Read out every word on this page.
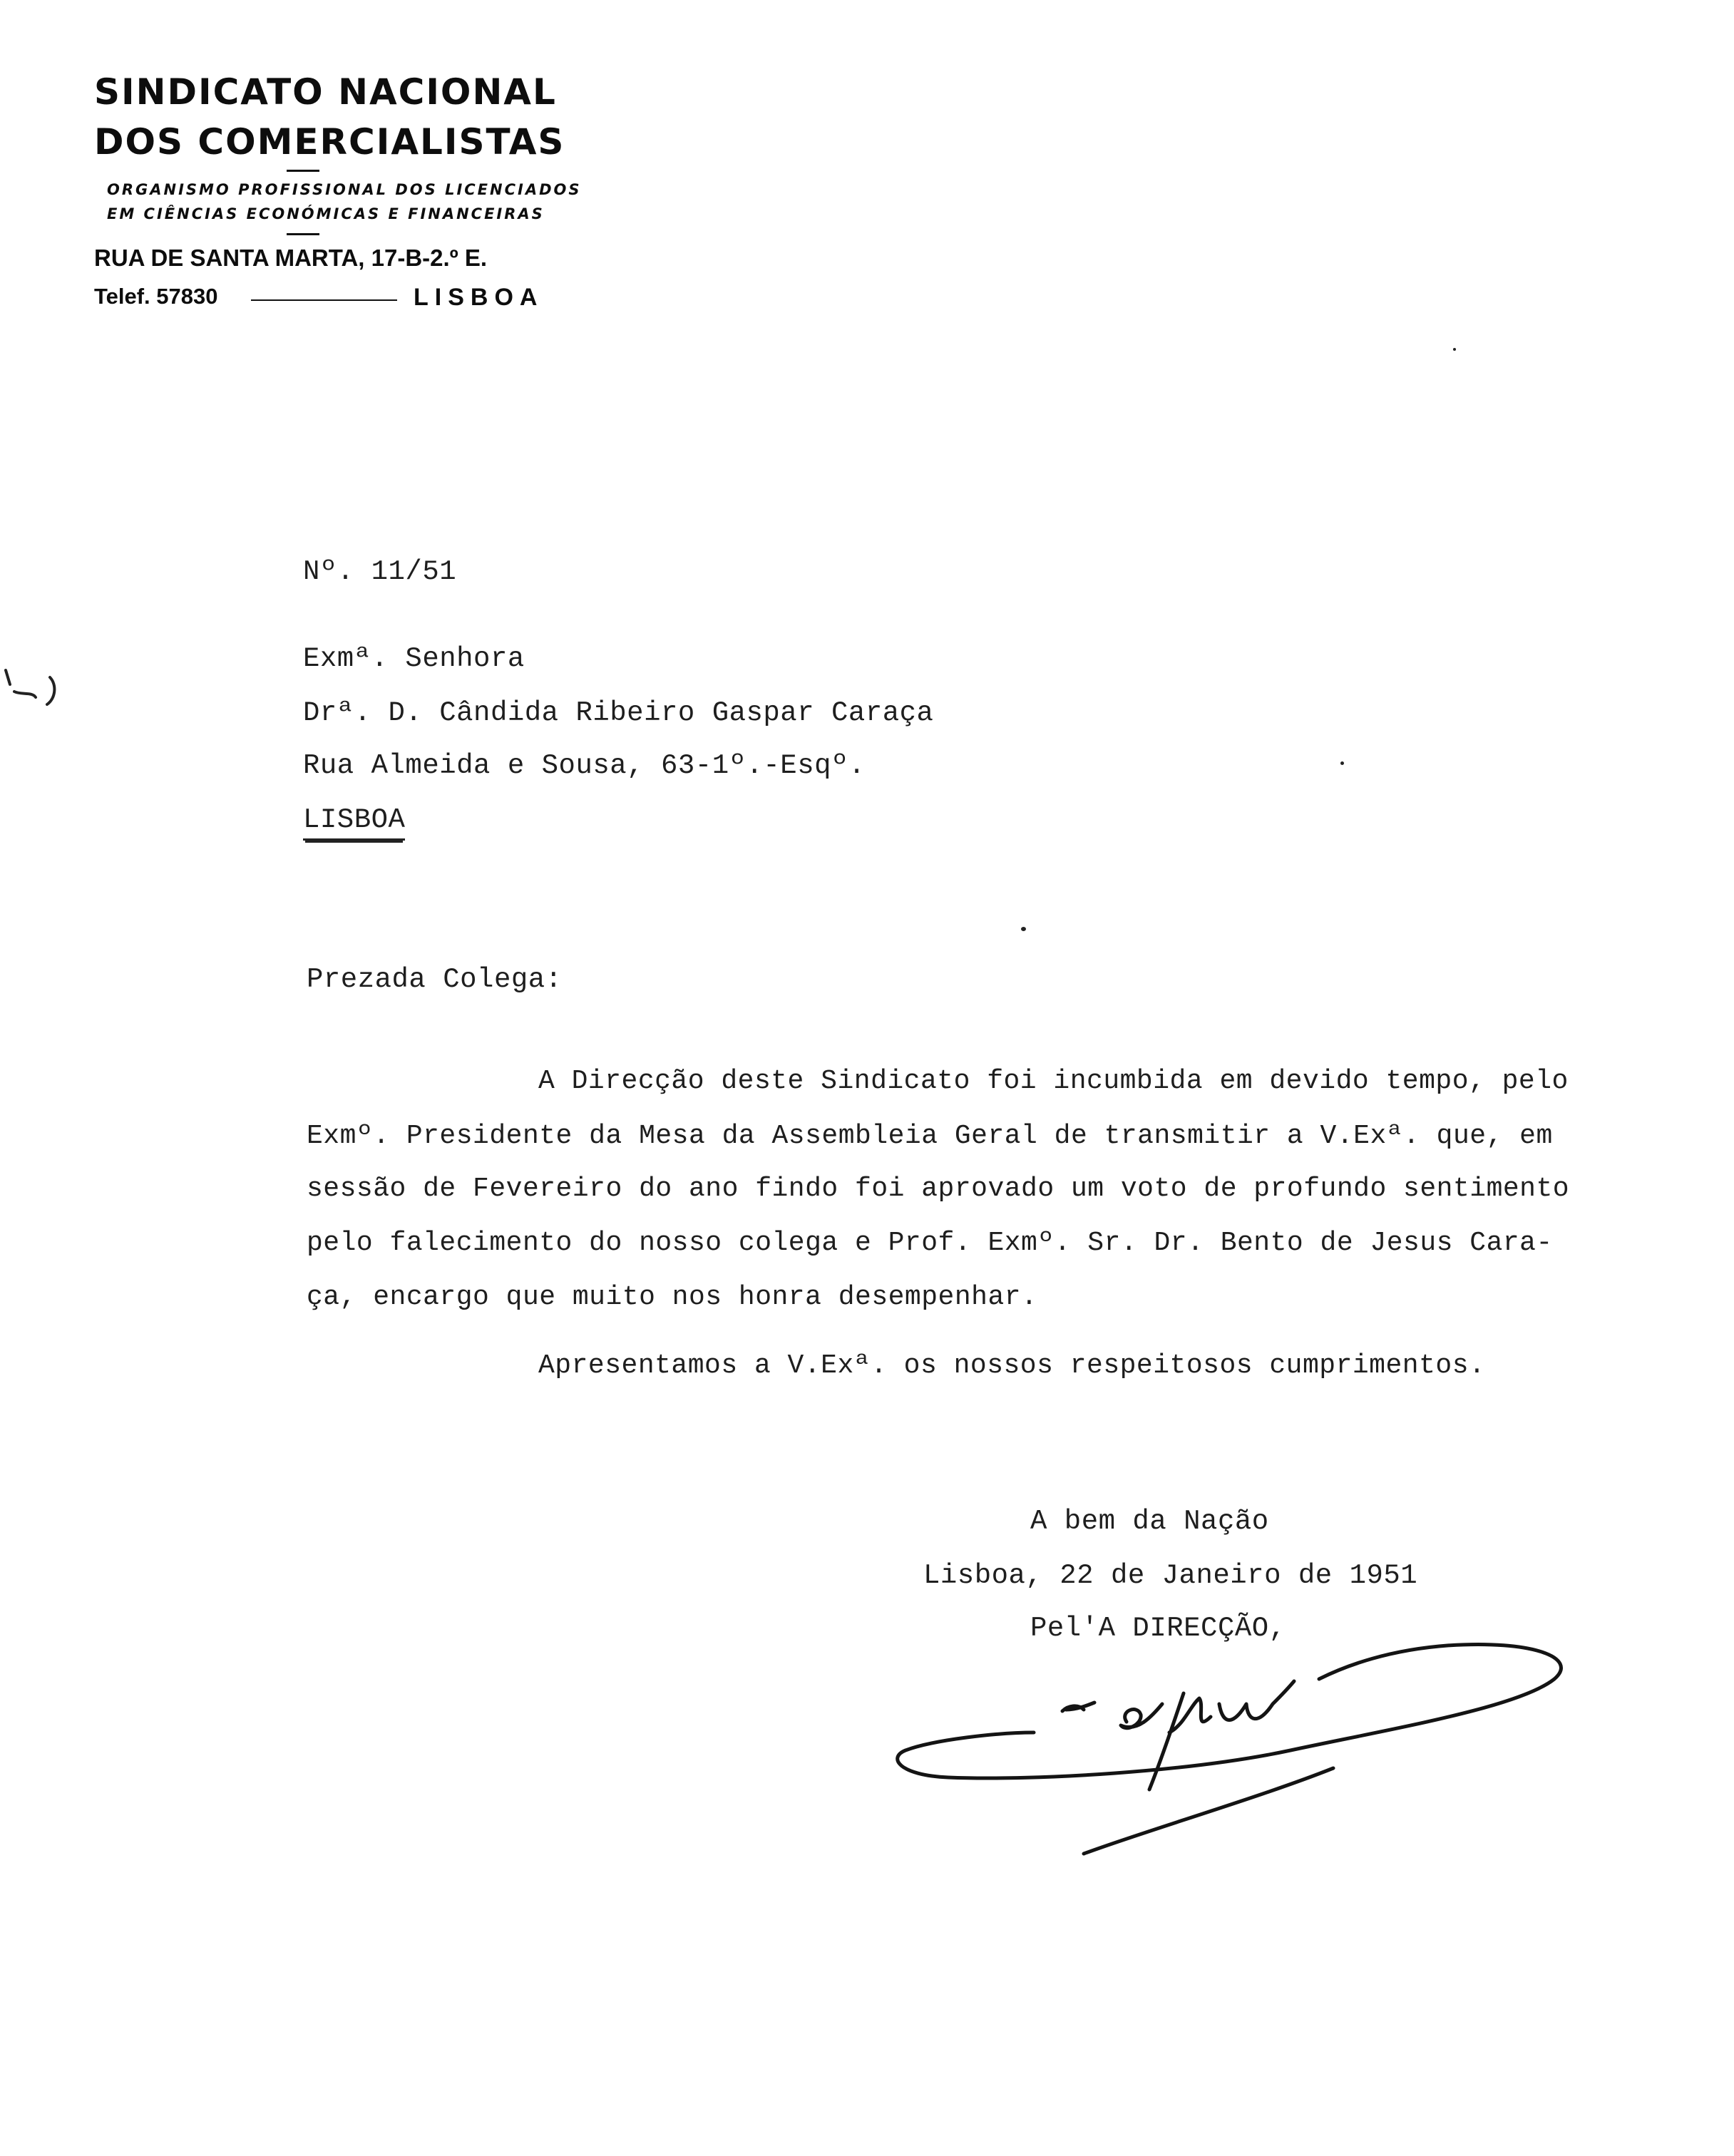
SINDICATO NACIONAL
DOS COMERCIALISTAS
ORGANISMO PROFISSIONAL DOS LICENCIADOS
EM CIÊNCIAS ECONÓMICAS E FINANCEIRAS
RUA DE SANTA MARTA, 17-B-2.º E.
Telef. 57830	LISBOA
Nº. 11/51
Exmª. Senhora
Drª. D. Cândida Ribeiro Gaspar Caraça
Rua Almeida e Sousa, 63-1º.-Esqº.
LISBOA
Prezada Colega:
A Direcção deste Sindicato foi incumbida em devido tempo, pelo
Exmº. Presidente da Mesa da Assembleia Geral de transmitir a V.Exª. que, em
sessão de Fevereiro do ano findo foi aprovado um voto de profundo sentimento
pelo falecimento do nosso colega e Prof. Exmº. Sr. Dr. Bento de Jesus Cara-
ça, encargo que muito nos honra desempenhar.
Apresentamos a V.Exª. os nossos respeitosos cumprimentos.
A bem da Nação
Lisboa, 22 de Janeiro de 1951
Pel'A DIRECÇÃO,
